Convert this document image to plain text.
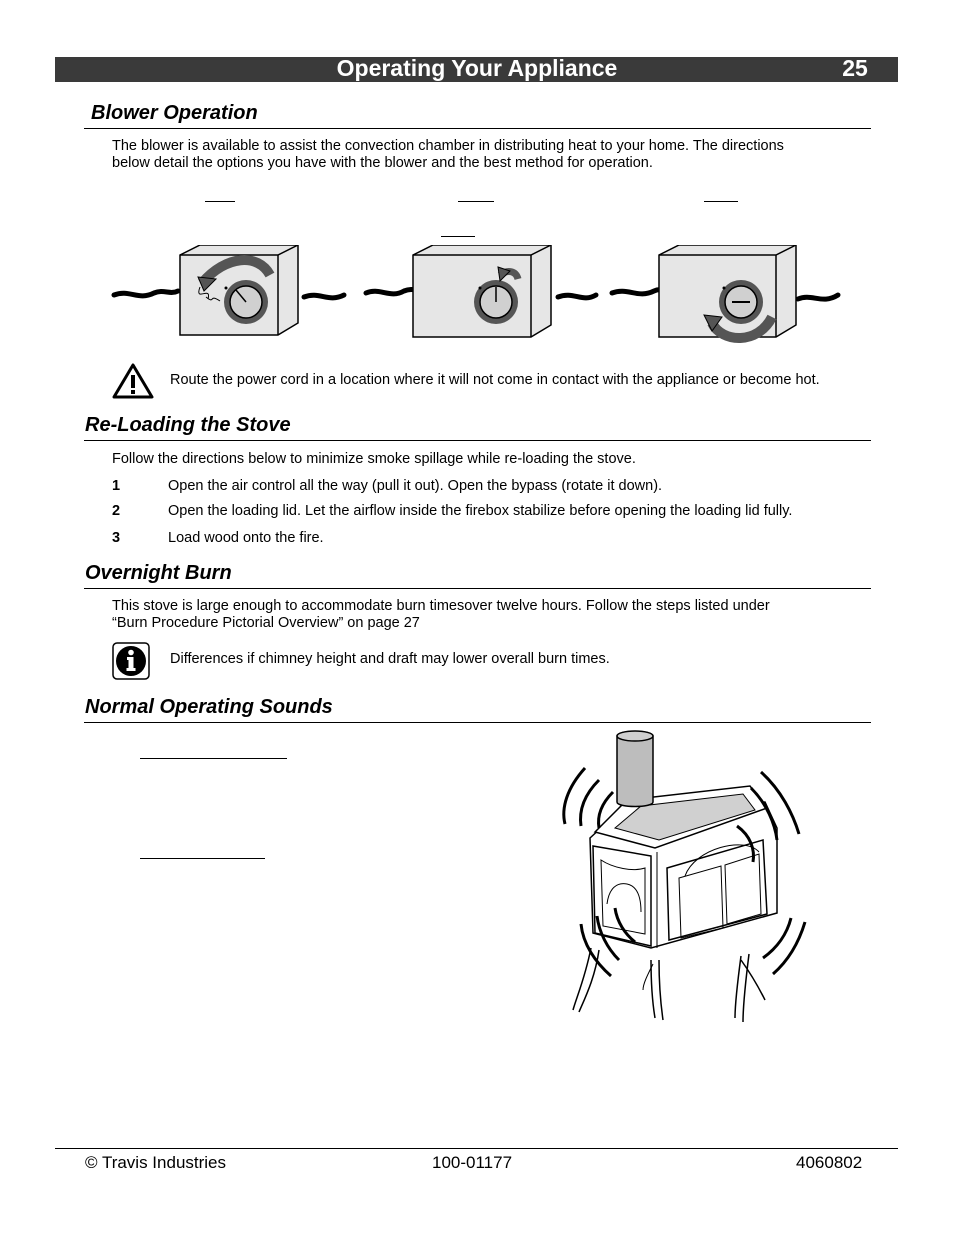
Operating Your Appliance	25
Blower Operation
The blower is available to assist the convection chamber in distributing heat to your home. The directions
below detail the options you have with the blower and the best method for operation.
Route the power cord in a location where it will not come in contact with the appliance or become hot.
Re-Loading the Stove
Follow the directions below to minimize smoke spillage while re-loading the stove.
1	Open the air control all the way (pull it out). Open the bypass (rotate it down).
2	Open the loading lid. Let the airflow inside the firebox stabilize before opening the loading lid fully.
3	Load wood onto the fire.
Overnight Burn
This stove is large enough to accommodate burn timesover twelve hours. Follow the steps listed under
“Burn Procedure Pictorial Overview” on page 27
Differences if chimney height and draft may lower overall burn times.
Normal Operating Sounds
© Travis Industries	100-01177	4060802
